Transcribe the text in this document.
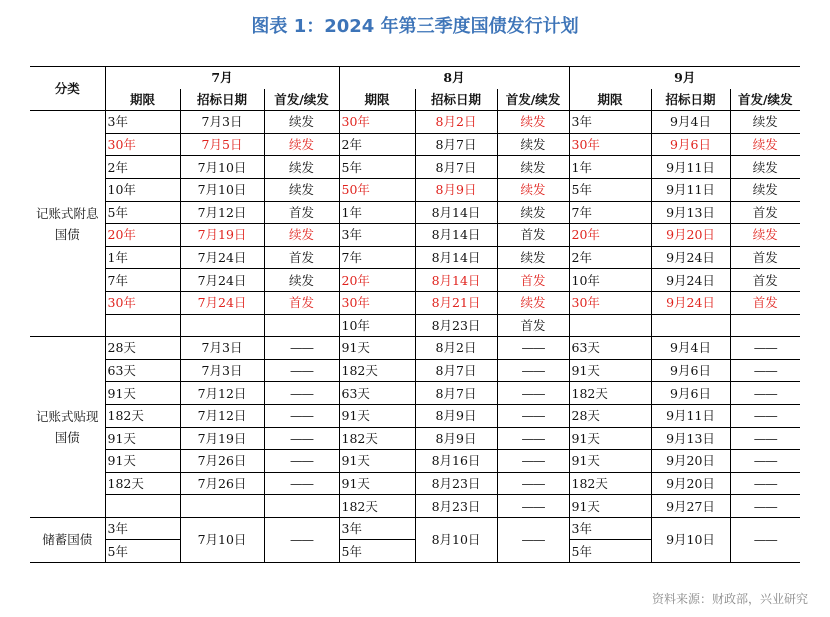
图表 1：2024 年第三季度国债发行计划
分类	7月			8月			9月		
	期限	招标日期	首发/续发	期限	招标日期	首发/续发	期限	招标日期	首发/续发
记账式附息国债	3年	7月3日	续发	30年	8月2日	续发	3年	9月4日	续发
	30年	7月5日	续发	2年	8月7日	续发	30年	9月6日	续发
	2年	7月10日	续发	5年	8月7日	续发	1年	9月11日	续发
	10年	7月10日	续发	50年	8月9日	续发	5年	9月11日	续发
	5年	7月12日	首发	1年	8月14日	续发	7年	9月13日	首发
	20年	7月19日	续发	3年	8月14日	首发	20年	9月20日	续发
	1年	7月24日	首发	7年	8月14日	续发	2年	9月24日	首发
	7年	7月24日	续发	20年	8月14日	首发	10年	9月24日	首发
	30年	7月24日	首发	30年	8月21日	续发	30年	9月24日	首发
				10年	8月23日	首发			
记账式贴现国债	28天	7月3日	——	91天	8月2日	——	63天	9月4日	——
	63天	7月3日	——	182天	8月7日	——	91天	9月6日	——
	91天	7月12日	——	63天	8月7日	——	182天	9月6日	——
	182天	7月12日	——	91天	8月9日	——	28天	9月11日	——
	91天	7月19日	——	182天	8月9日	——	91天	9月13日	——
	91天	7月26日	——	91天	8月16日	——	91天	9月20日	——
	182天	7月26日	——	91天	8月23日	——	182天	9月20日	——
				182天	8月23日	——	91天	9月27日	——
储蓄国债	3年	7月10日	——	3年	8月10日	——	3年	9月10日	——
	5年			5年			5年		
资料来源：财政部，兴业研究
